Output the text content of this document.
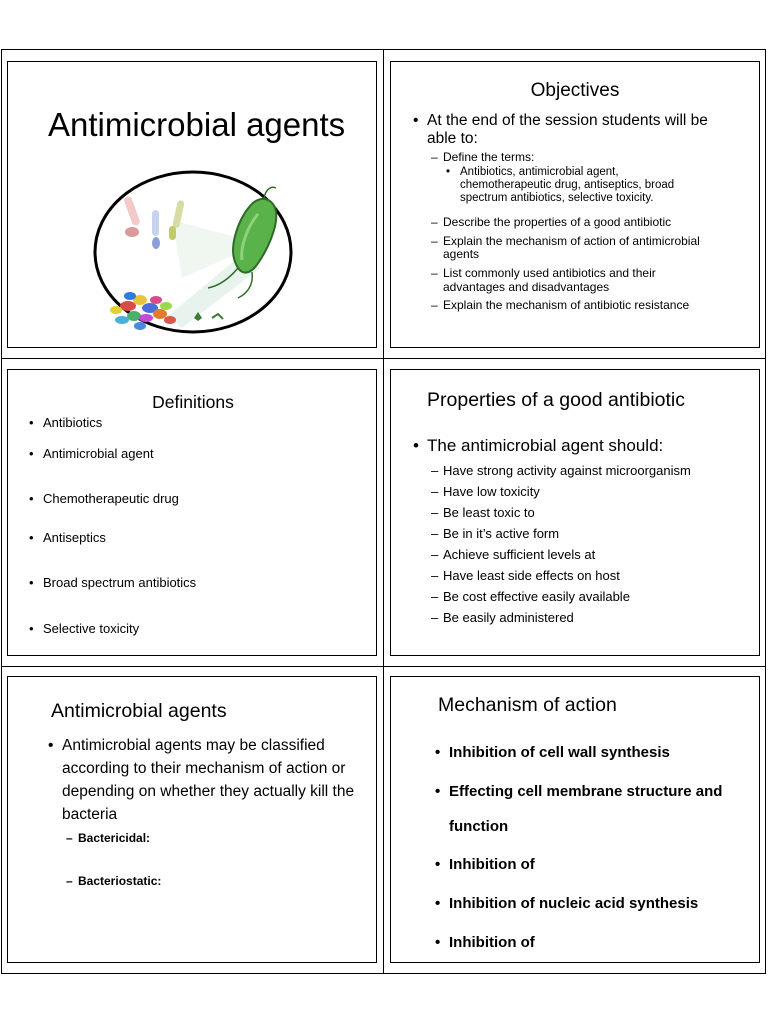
Antimicrobial agents
Objectives
• At the end of the session students will be
able to:
– Define the terms:
• Antibiotics, antimicrobial agent,
chemotherapeutic drug, antiseptics, broad
spectrum antibiotics, selective toxicity.
– Describe the properties of a good antibiotic
– Explain the mechanism of action of antimicrobial
agents
– List commonly used antibiotics and their
advantages and disadvantages
– Explain the mechanism of antibiotic resistance
Definitions
• Antibiotics
• Antimicrobial agent
• Chemotherapeutic drug
• Antiseptics
• Broad spectrum antibiotics
• Selective toxicity
Properties of a good antibiotic
• The antimicrobial agent should:
– Have strong activity against microorganism
– Have low toxicity
– Be least toxic to
– Be in it’s active form
– Achieve sufficient levels at
– Have least side effects on host
– Be cost effective easily available
– Be easily administered
Antimicrobial agents
• Antimicrobial agents may be classified according to their mechanism of action or depending on whether they actually kill the bacteria
– Bactericidal:
– Bacteriostatic:
Mechanism of action
• Inhibition of cell wall synthesis
• Effecting cell membrane structure and
function
• Inhibition of
• Inhibition of nucleic acid synthesis
• Inhibition of
